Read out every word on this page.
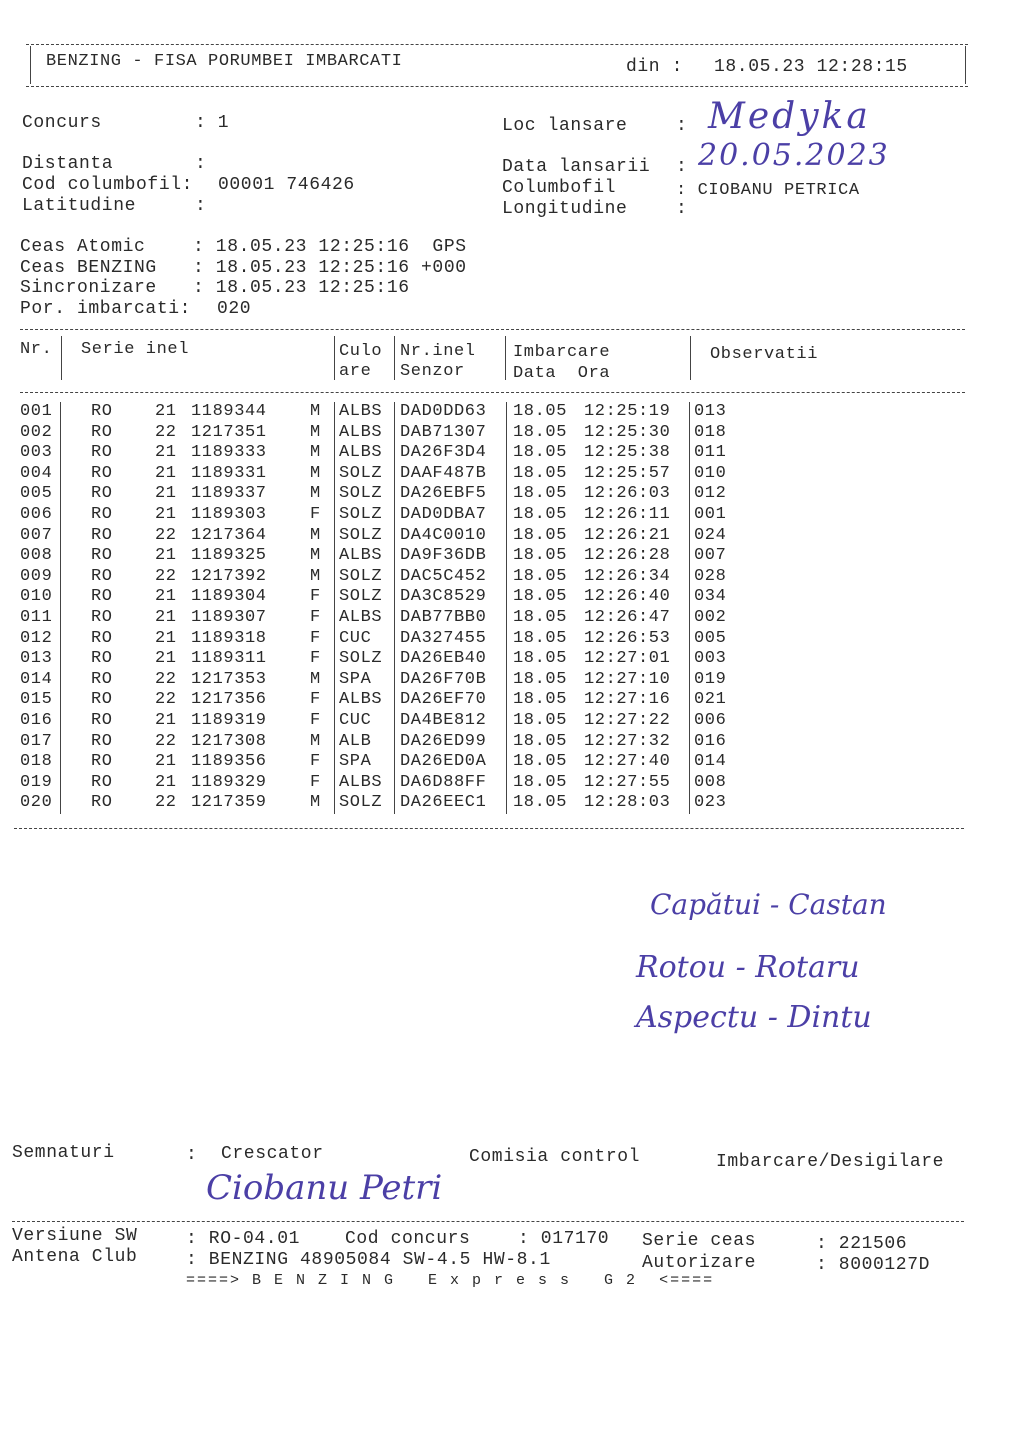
BENZING - FISA PORUMBEI IMBARCATI	din : 18.05.23 12:28:15
Concurs	: 1
Distanta	:
Cod columbofil: 00001 746426
Latitudine	:
Loc lansare	: Medyka
Data lansarii : 20.05.2023
Columbofil	: CIOBANU PETRICA
Longitudine	:
Ceas Atomic	: 18.05.23 12:25:16  GPS
Ceas BENZING : 18.05.23 12:25:16 +000
Sincronizare : 18.05.23 12:25:16
Por. imbarcati: 020
Nr. Serie inel	Culo
are
Nr.inel
Senzor
Imbarcare
Data  Ora
Observatii
001 RO 21 1189344	M ALBS DAD0DD63 18.05 12:25:19 013
002 RO 22 1217351	M ALBS DAB71307 18.05 12:25:30 018
003 RO 21 1189333	M ALBS DA26F3D4 18.05 12:25:38 011
004 RO 21 1189331	M SOLZ DAAF487B 18.05 12:25:57 010
005 RO 21 1189337	M SOLZ DA26EBF5 18.05 12:26:03 012
006 RO 21 1189303	F SOLZ DAD0DBA7 18.05 12:26:11 001
007 RO 22 1217364	M SOLZ DA4C0010 18.05 12:26:21 024
008 RO 21 1189325	M ALBS DA9F36DB 18.05 12:26:28 007
009 RO 22 1217392	M SOLZ DAC5C452 18.05 12:26:34 028
010 RO 21 1189304	F SOLZ DA3C8529 18.05 12:26:40 034
011 RO 21 1189307	F ALBS DAB77BB0 18.05 12:26:47 002
012 RO 21 1189318	F CUC DA327455 18.05 12:26:53 005
013 RO 21 1189311	F SOLZ DA26EB40 18.05 12:27:01 003
014 RO 22 1217353	M SPA DA26F70B 18.05 12:27:10 019
015 RO 22 1217356	F ALBS DA26EF70 18.05 12:27:16 021
016 RO 21 1189319	F CUC DA4BE812 18.05 12:27:22 006
017 RO 22 1217308	M ALB DA26ED99 18.05 12:27:32 016
018 RO 21 1189356	F SPA DA26ED0A 18.05 12:27:40 014
019 RO 21 1189329	F ALBS DA6D88FF 18.05 12:27:55 008
020 RO 22 1217359	M SOLZ DA26EEC1 18.05 12:28:03 023
Capătui - Castan
Rotou - Rotaru
Aspectu - Dintu
Semnaturi	: Crescator	Comisia control	Imbarcare/Desigilare
Ciobanu Petri
Versiune SW	: RO-04.01 Cod concurs	: 017170 Serie ceas	: 221506
Antena Club	: BENZING 48905084 SW-4.5 HW-8.1	Autorizare	: 8000127D
====> B E N Z I N G   E x p r e s s   G 2  <====
